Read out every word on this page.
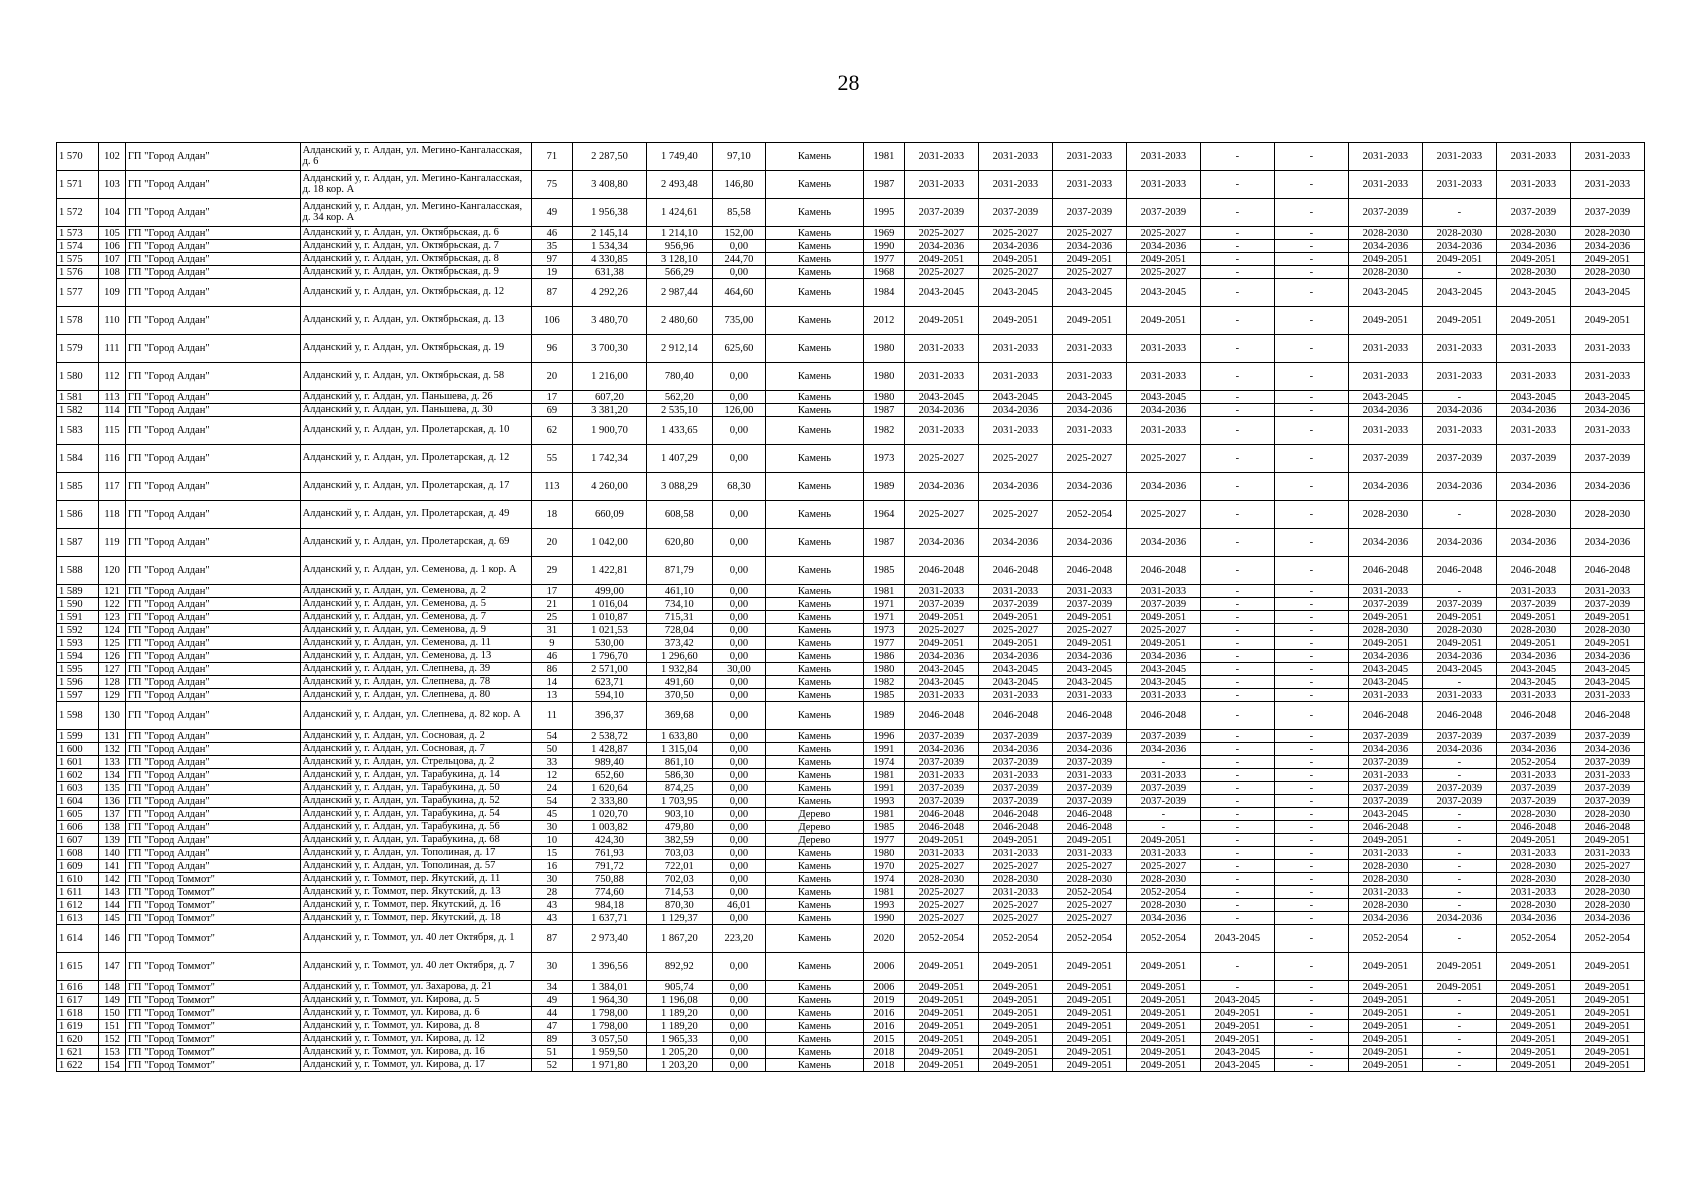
28
1 570	102	ГП "Город Алдан"	Алданский у, г. Алдан, ул. Мегино-Кангаласская, д. 6	71	2 287,50	1 749,40	97,10	Камень	1981	2031-2033	2031-2033	2031-2033	2031-2033	-	-	2031-2033	2031-2033	2031-2033	2031-2033
1 571	103	ГП "Город Алдан"	Алданский у, г. Алдан, ул. Мегино-Кангаласская, д. 18 кор. А	75	3 408,80	2 493,48	146,80	Камень	1987	2031-2033	2031-2033	2031-2033	2031-2033	-	-	2031-2033	2031-2033	2031-2033	2031-2033
1 572	104	ГП "Город Алдан"	Алданский у, г. Алдан, ул. Мегино-Кангаласская, д. 34 кор. А	49	1 956,38	1 424,61	85,58	Камень	1995	2037-2039	2037-2039	2037-2039	2037-2039	-	-	2037-2039	-	2037-2039	2037-2039
1 573	105	ГП "Город Алдан"	Алданский у, г. Алдан, ул. Октябрьская, д. 6	46	2 145,14	1 214,10	152,00	Камень	1969	2025-2027	2025-2027	2025-2027	2025-2027	-	-	2028-2030	2028-2030	2028-2030	2028-2030
1 574	106	ГП "Город Алдан"	Алданский у, г. Алдан, ул. Октябрьская, д. 7	35	1 534,34	956,96	0,00	Камень	1990	2034-2036	2034-2036	2034-2036	2034-2036	-	-	2034-2036	2034-2036	2034-2036	2034-2036
1 575	107	ГП "Город Алдан"	Алданский у, г. Алдан, ул. Октябрьская, д. 8	97	4 330,85	3 128,10	244,70	Камень	1977	2049-2051	2049-2051	2049-2051	2049-2051	-	-	2049-2051	2049-2051	2049-2051	2049-2051
1 576	108	ГП "Город Алдан"	Алданский у, г. Алдан, ул. Октябрьская, д. 9	19	631,38	566,29	0,00	Камень	1968	2025-2027	2025-2027	2025-2027	2025-2027	-	-	2028-2030	-	2028-2030	2028-2030
1 577	109	ГП "Город Алдан"	Алданский у, г. Алдан, ул. Октябрьская, д. 12	87	4 292,26	2 987,44	464,60	Камень	1984	2043-2045	2043-2045	2043-2045	2043-2045	-	-	2043-2045	2043-2045	2043-2045	2043-2045
1 578	110	ГП "Город Алдан"	Алданский у, г. Алдан, ул. Октябрьская, д. 13	106	3 480,70	2 480,60	735,00	Камень	2012	2049-2051	2049-2051	2049-2051	2049-2051	-	-	2049-2051	2049-2051	2049-2051	2049-2051
1 579	111	ГП "Город Алдан"	Алданский у, г. Алдан, ул. Октябрьская, д. 19	96	3 700,30	2 912,14	625,60	Камень	1980	2031-2033	2031-2033	2031-2033	2031-2033	-	-	2031-2033	2031-2033	2031-2033	2031-2033
1 580	112	ГП "Город Алдан"	Алданский у, г. Алдан, ул. Октябрьская, д. 58	20	1 216,00	780,40	0,00	Камень	1980	2031-2033	2031-2033	2031-2033	2031-2033	-	-	2031-2033	2031-2033	2031-2033	2031-2033
1 581	113	ГП "Город Алдан"	Алданский у, г. Алдан, ул. Паньшева, д. 26	17	607,20	562,20	0,00	Камень	1980	2043-2045	2043-2045	2043-2045	2043-2045	-	-	2043-2045	-	2043-2045	2043-2045
1 582	114	ГП "Город Алдан"	Алданский у, г. Алдан, ул. Паньшева, д. 30	69	3 381,20	2 535,10	126,00	Камень	1987	2034-2036	2034-2036	2034-2036	2034-2036	-	-	2034-2036	2034-2036	2034-2036	2034-2036
1 583	115	ГП "Город Алдан"	Алданский у, г. Алдан, ул. Пролетарская, д. 10	62	1 900,70	1 433,65	0,00	Камень	1982	2031-2033	2031-2033	2031-2033	2031-2033	-	-	2031-2033	2031-2033	2031-2033	2031-2033
1 584	116	ГП "Город Алдан"	Алданский у, г. Алдан, ул. Пролетарская, д. 12	55	1 742,34	1 407,29	0,00	Камень	1973	2025-2027	2025-2027	2025-2027	2025-2027	-	-	2037-2039	2037-2039	2037-2039	2037-2039
1 585	117	ГП "Город Алдан"	Алданский у, г. Алдан, ул. Пролетарская, д. 17	113	4 260,00	3 088,29	68,30	Камень	1989	2034-2036	2034-2036	2034-2036	2034-2036	-	-	2034-2036	2034-2036	2034-2036	2034-2036
1 586	118	ГП "Город Алдан"	Алданский у, г. Алдан, ул. Пролетарская, д. 49	18	660,09	608,58	0,00	Камень	1964	2025-2027	2025-2027	2052-2054	2025-2027	-	-	2028-2030	-	2028-2030	2028-2030
1 587	119	ГП "Город Алдан"	Алданский у, г. Алдан, ул. Пролетарская, д. 69	20	1 042,00	620,80	0,00	Камень	1987	2034-2036	2034-2036	2034-2036	2034-2036	-	-	2034-2036	2034-2036	2034-2036	2034-2036
1 588	120	ГП "Город Алдан"	Алданский у, г. Алдан, ул. Семенова, д. 1 кор. А	29	1 422,81	871,79	0,00	Камень	1985	2046-2048	2046-2048	2046-2048	2046-2048	-	-	2046-2048	2046-2048	2046-2048	2046-2048
1 589	121	ГП "Город Алдан"	Алданский у, г. Алдан, ул. Семенова, д. 2	17	499,00	461,10	0,00	Камень	1981	2031-2033	2031-2033	2031-2033	2031-2033	-	-	2031-2033	-	2031-2033	2031-2033
1 590	122	ГП "Город Алдан"	Алданский у, г. Алдан, ул. Семенова, д. 5	21	1 016,04	734,10	0,00	Камень	1971	2037-2039	2037-2039	2037-2039	2037-2039	-	-	2037-2039	2037-2039	2037-2039	2037-2039
1 591	123	ГП "Город Алдан"	Алданский у, г. Алдан, ул. Семенова, д. 7	25	1 010,87	715,31	0,00	Камень	1971	2049-2051	2049-2051	2049-2051	2049-2051	-	-	2049-2051	2049-2051	2049-2051	2049-2051
1 592	124	ГП "Город Алдан"	Алданский у, г. Алдан, ул. Семенова, д. 9	31	1 021,53	728,04	0,00	Камень	1973	2025-2027	2025-2027	2025-2027	2025-2027	-	-	2028-2030	2028-2030	2028-2030	2028-2030
1 593	125	ГП "Город Алдан"	Алданский у, г. Алдан, ул. Семенова, д. 11	9	530,00	373,42	0,00	Камень	1977	2049-2051	2049-2051	2049-2051	2049-2051	-	-	2049-2051	2049-2051	2049-2051	2049-2051
1 594	126	ГП "Город Алдан"	Алданский у, г. Алдан, ул. Семенова, д. 13	46	1 796,70	1 296,60	0,00	Камень	1986	2034-2036	2034-2036	2034-2036	2034-2036	-	-	2034-2036	2034-2036	2034-2036	2034-2036
1 595	127	ГП "Город Алдан"	Алданский у, г. Алдан, ул. Слепнева, д. 39	86	2 571,00	1 932,84	30,00	Камень	1980	2043-2045	2043-2045	2043-2045	2043-2045	-	-	2043-2045	2043-2045	2043-2045	2043-2045
1 596	128	ГП "Город Алдан"	Алданский у, г. Алдан, ул. Слепнева, д. 78	14	623,71	491,60	0,00	Камень	1982	2043-2045	2043-2045	2043-2045	2043-2045	-	-	2043-2045	-	2043-2045	2043-2045
1 597	129	ГП "Город Алдан"	Алданский у, г. Алдан, ул. Слепнева, д. 80	13	594,10	370,50	0,00	Камень	1985	2031-2033	2031-2033	2031-2033	2031-2033	-	-	2031-2033	2031-2033	2031-2033	2031-2033
1 598	130	ГП "Город Алдан"	Алданский у, г. Алдан, ул. Слепнева, д. 82 кор. А	11	396,37	369,68	0,00	Камень	1989	2046-2048	2046-2048	2046-2048	2046-2048	-	-	2046-2048	2046-2048	2046-2048	2046-2048
1 599	131	ГП "Город Алдан"	Алданский у, г. Алдан, ул. Сосновая, д. 2	54	2 538,72	1 633,80	0,00	Камень	1996	2037-2039	2037-2039	2037-2039	2037-2039	-	-	2037-2039	2037-2039	2037-2039	2037-2039
1 600	132	ГП "Город Алдан"	Алданский у, г. Алдан, ул. Сосновая, д. 7	50	1 428,87	1 315,04	0,00	Камень	1991	2034-2036	2034-2036	2034-2036	2034-2036	-	-	2034-2036	2034-2036	2034-2036	2034-2036
1 601	133	ГП "Город Алдан"	Алданский у, г. Алдан, ул. Стрельцова, д. 2	33	989,40	861,10	0,00	Камень	1974	2037-2039	2037-2039	2037-2039	-	-	-	2037-2039	-	2052-2054	2037-2039
1 602	134	ГП "Город Алдан"	Алданский у, г. Алдан, ул. Тарабукина, д. 14	12	652,60	586,30	0,00	Камень	1981	2031-2033	2031-2033	2031-2033	2031-2033	-	-	2031-2033	-	2031-2033	2031-2033
1 603	135	ГП "Город Алдан"	Алданский у, г. Алдан, ул. Тарабукина, д. 50	24	1 620,64	874,25	0,00	Камень	1991	2037-2039	2037-2039	2037-2039	2037-2039	-	-	2037-2039	2037-2039	2037-2039	2037-2039
1 604	136	ГП "Город Алдан"	Алданский у, г. Алдан, ул. Тарабукина, д. 52	54	2 333,80	1 703,95	0,00	Камень	1993	2037-2039	2037-2039	2037-2039	2037-2039	-	-	2037-2039	2037-2039	2037-2039	2037-2039
1 605	137	ГП "Город Алдан"	Алданский у, г. Алдан, ул. Тарабукина, д. 54	45	1 020,70	903,10	0,00	Дерево	1981	2046-2048	2046-2048	2046-2048	-	-	-	2043-2045	-	2028-2030	2028-2030
1 606	138	ГП "Город Алдан"	Алданский у, г. Алдан, ул. Тарабукина, д. 56	30	1 003,82	479,80	0,00	Дерево	1985	2046-2048	2046-2048	2046-2048	-	-	-	2046-2048	-	2046-2048	2046-2048
1 607	139	ГП "Город Алдан"	Алданский у, г. Алдан, ул. Тарабукина, д. 68	10	424,30	382,59	0,00	Дерево	1977	2049-2051	2049-2051	2049-2051	2049-2051	-	-	2049-2051	-	2049-2051	2049-2051
1 608	140	ГП "Город Алдан"	Алданский у, г. Алдан, ул. Тополиная, д. 17	15	761,93	703,03	0,00	Камень	1980	2031-2033	2031-2033	2031-2033	2031-2033	-	-	2031-2033	-	2031-2033	2031-2033
1 609	141	ГП "Город Алдан"	Алданский у, г. Алдан, ул. Тополиная, д. 57	16	791,72	722,01	0,00	Камень	1970	2025-2027	2025-2027	2025-2027	2025-2027	-	-	2028-2030	-	2028-2030	2025-2027
1 610	142	ГП "Город Томмот"	Алданский у, г. Томмот, пер. Якутский, д. 11	30	750,88	702,03	0,00	Камень	1974	2028-2030	2028-2030	2028-2030	2028-2030	-	-	2028-2030	-	2028-2030	2028-2030
1 611	143	ГП "Город Томмот"	Алданский у, г. Томмот, пер. Якутский, д. 13	28	774,60	714,53	0,00	Камень	1981	2025-2027	2031-2033	2052-2054	2052-2054	-	-	2031-2033	-	2031-2033	2028-2030
1 612	144	ГП "Город Томмот"	Алданский у, г. Томмот, пер. Якутский, д. 16	43	984,18	870,30	46,01	Камень	1993	2025-2027	2025-2027	2025-2027	2028-2030	-	-	2028-2030	-	2028-2030	2028-2030
1 613	145	ГП "Город Томмот"	Алданский у, г. Томмот, пер. Якутский, д. 18	43	1 637,71	1 129,37	0,00	Камень	1990	2025-2027	2025-2027	2025-2027	2034-2036	-	-	2034-2036	2034-2036	2034-2036	2034-2036
1 614	146	ГП "Город Томмот"	Алданский у, г. Томмот, ул. 40 лет Октября, д. 1	87	2 973,40	1 867,20	223,20	Камень	2020	2052-2054	2052-2054	2052-2054	2052-2054	2043-2045	-	2052-2054	-	2052-2054	2052-2054
1 615	147	ГП "Город Томмот"	Алданский у, г. Томмот, ул. 40 лет Октября, д. 7	30	1 396,56	892,92	0,00	Камень	2006	2049-2051	2049-2051	2049-2051	2049-2051	-	-	2049-2051	2049-2051	2049-2051	2049-2051
1 616	148	ГП "Город Томмот"	Алданский у, г. Томмот, ул. Захарова, д. 21	34	1 384,01	905,74	0,00	Камень	2006	2049-2051	2049-2051	2049-2051	2049-2051	-	-	2049-2051	2049-2051	2049-2051	2049-2051
1 617	149	ГП "Город Томмот"	Алданский у, г. Томмот, ул. Кирова, д. 5	49	1 964,30	1 196,08	0,00	Камень	2019	2049-2051	2049-2051	2049-2051	2049-2051	2043-2045	-	2049-2051	-	2049-2051	2049-2051
1 618	150	ГП "Город Томмот"	Алданский у, г. Томмот, ул. Кирова, д. 6	44	1 798,00	1 189,20	0,00	Камень	2016	2049-2051	2049-2051	2049-2051	2049-2051	2049-2051	-	2049-2051	-	2049-2051	2049-2051
1 619	151	ГП "Город Томмот"	Алданский у, г. Томмот, ул. Кирова, д. 8	47	1 798,00	1 189,20	0,00	Камень	2016	2049-2051	2049-2051	2049-2051	2049-2051	2049-2051	-	2049-2051	-	2049-2051	2049-2051
1 620	152	ГП "Город Томмот"	Алданский у, г. Томмот, ул. Кирова, д. 12	89	3 057,50	1 965,33	0,00	Камень	2015	2049-2051	2049-2051	2049-2051	2049-2051	2049-2051	-	2049-2051	-	2049-2051	2049-2051
1 621	153	ГП "Город Томмот"	Алданский у, г. Томмот, ул. Кирова, д. 16	51	1 959,50	1 205,20	0,00	Камень	2018	2049-2051	2049-2051	2049-2051	2049-2051	2043-2045	-	2049-2051	-	2049-2051	2049-2051
1 622	154	ГП "Город Томмот"	Алданский у, г. Томмот, ул. Кирова, д. 17	52	1 971,80	1 203,20	0,00	Камень	2018	2049-2051	2049-2051	2049-2051	2049-2051	2043-2045	-	2049-2051	-	2049-2051	2049-2051
